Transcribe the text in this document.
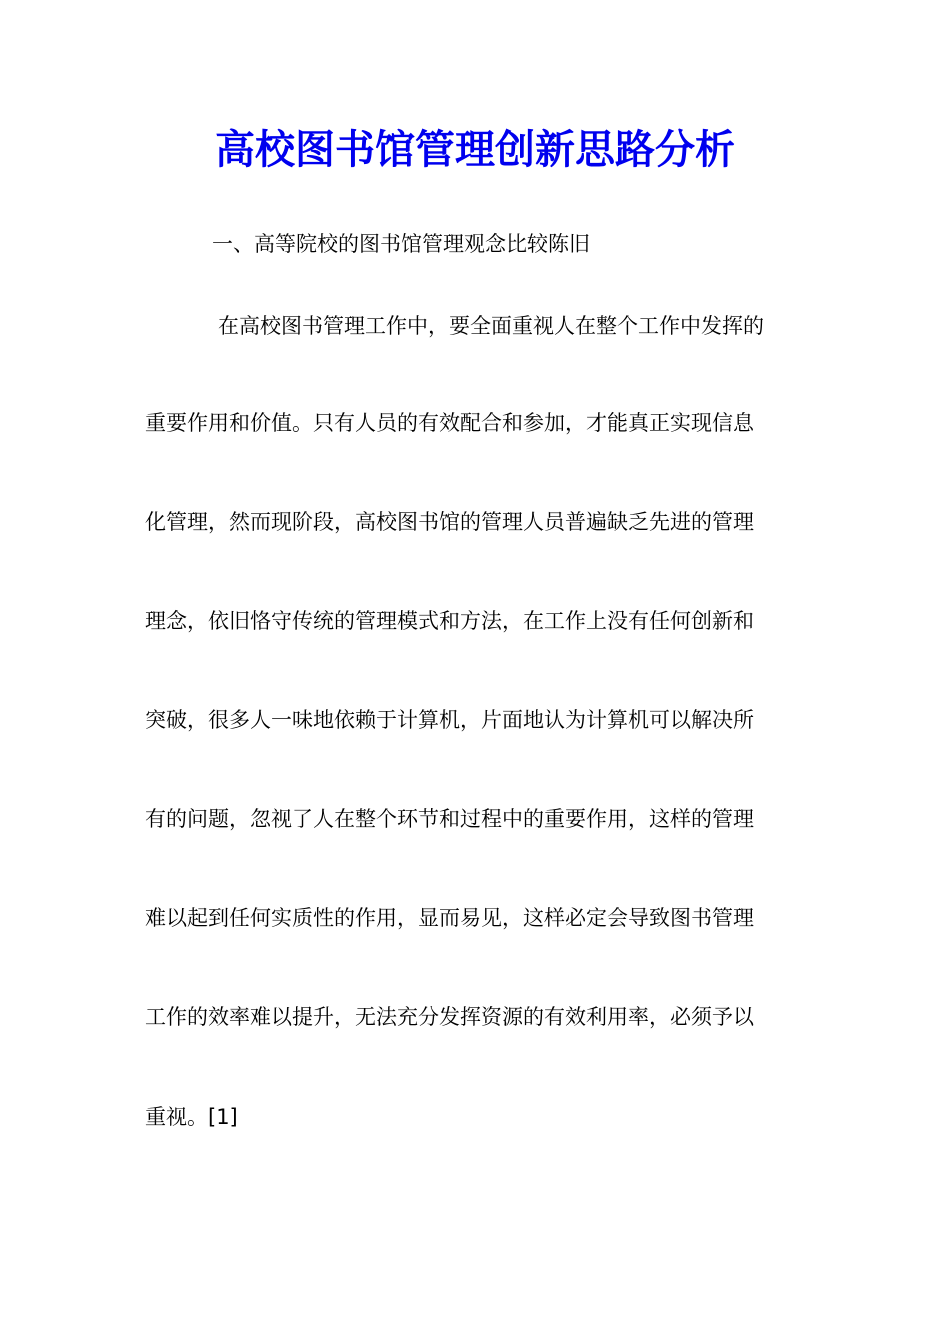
高校图书馆管理创新思路分析

一、高等院校的图书馆管理观念比较陈旧

在高校图书管理工作中，要全面重视人在整个工作中发挥的

重要作用和价值。只有人员的有效配合和参加，才能真正实现信息

化管理，然而现阶段，高校图书馆的管理人员普遍缺乏先进的管理

理念，依旧恪守传统的管理模式和方法，在工作上没有任何创新和

突破，很多人一味地依赖于计算机，片面地认为计算机可以解决所

有的问题，忽视了人在整个环节和过程中的重要作用，这样的管理

难以起到任何实质性的作用，显而易见，这样必定会导致图书管理

工作的效率难以提升，无法充分发挥资源的有效利用率，必须予以

重视。[1]
